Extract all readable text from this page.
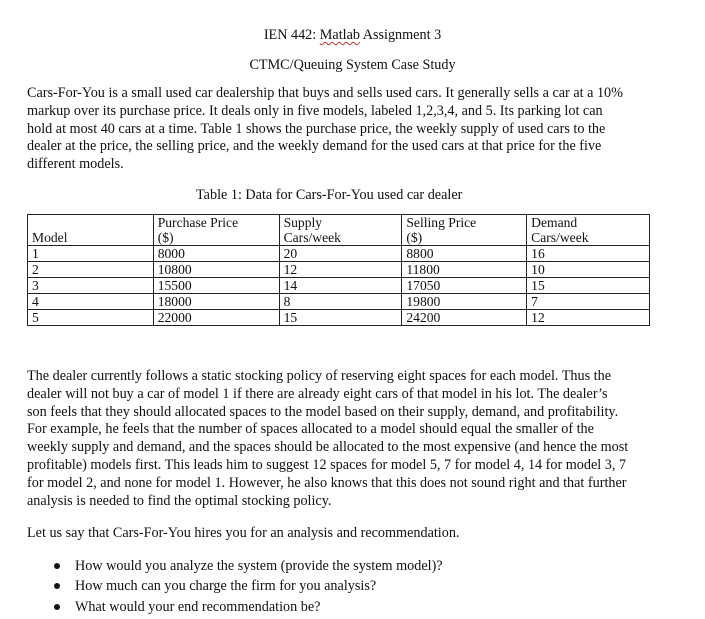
IEN 442: Matlab Assignment 3
CTMC/Queuing System Case Study
Cars-For-You is a small used car dealership that buys and sells used cars. It generally sells a car at a 10%
markup over its purchase price. It deals only in five models, labeled 1,2,3,4, and 5. Its parking lot can
hold at most 40 cars at a time. Table 1 shows the purchase price, the weekly supply of used cars to the
dealer at the price, the selling price, and the weekly demand for the used cars at that price for the five
different models.
Table 1: Data for Cars-For-You used car dealer
	Purchase Price	Supply	Selling Price	Demand
Model	($)	Cars/week	($)	Cars/week
1	8000	20	8800	16
2	10800	12	11800	10
3	15500	14	17050	15
4	18000	8	19800	7
5	22000	15	24200	12
The dealer currently follows a static stocking policy of reserving eight spaces for each model. Thus the
dealer will not buy a car of model 1 if there are already eight cars of that model in his lot. The dealer’s
son feels that they should allocated spaces to the model based on their supply, demand, and profitability.
For example, he feels that the number of spaces allocated to a model should equal the smaller of the
weekly supply and demand, and the spaces should be allocated to the most expensive (and hence the most
profitable) models first. This leads him to suggest 12 spaces for model 5, 7 for model 4, 14 for model 3, 7
for model 2, and none for model 1. However, he also knows that this does not sound right and that further
analysis is needed to find the optimal stocking policy.
Let us say that Cars-For-You hires you for an analysis and recommendation.
How would you analyze the system (provide the system model)?
How much can you charge the firm for you analysis?
What would your end recommendation be?
